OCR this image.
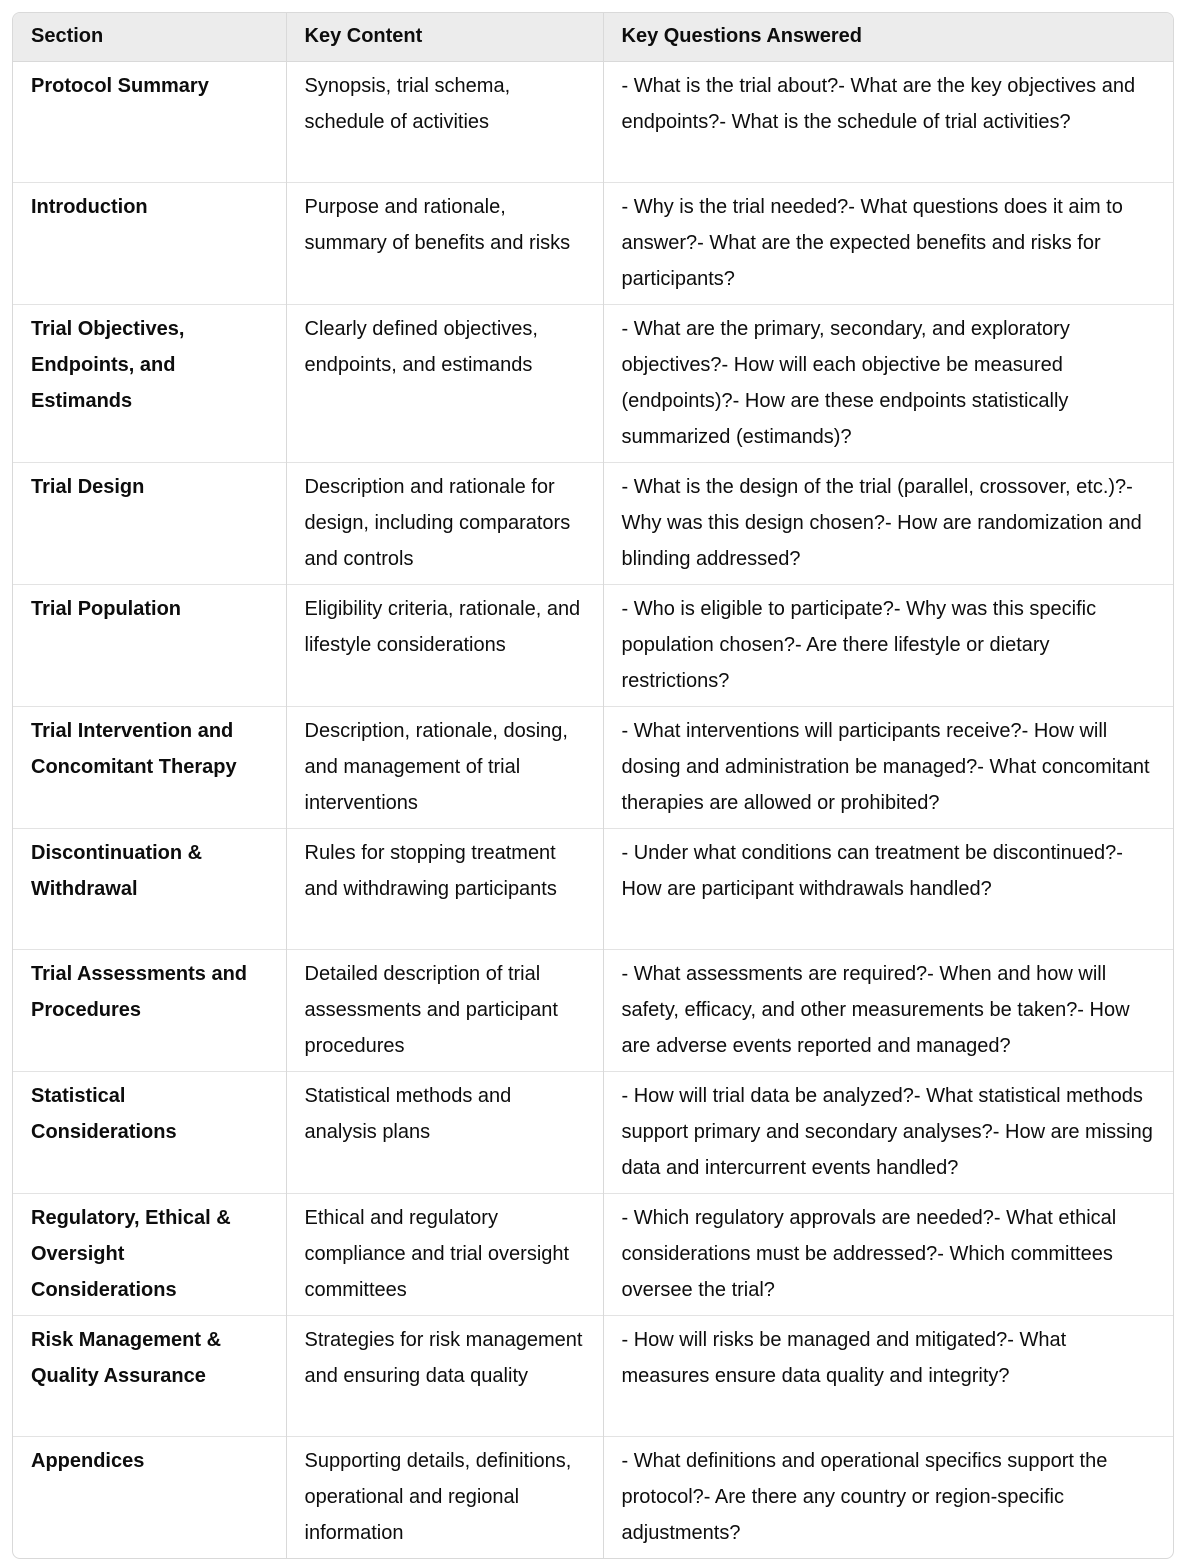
Section	Key Content	Key Questions Answered
Protocol Summary	Synopsis, trial schema, schedule of activities	- What is the trial about?- What are the key objectives and endpoints?- What is the schedule of trial activities?
Introduction	Purpose and rationale, summary of benefits and risks	- Why is the trial needed?- What questions does it aim to answer?- What are the expected benefits and risks for participants?
Trial Objectives, Endpoints, and Estimands	Clearly defined objectives, endpoints, and estimands	- What are the primary, secondary, and exploratory objectives?- How will each objective be measured (endpoints)?- How are these endpoints statistically summarized (estimands)?
Trial Design	Description and rationale for design, including comparators and controls	- What is the design of the trial (parallel, crossover, etc.)?- Why was this design chosen?- How are randomization and blinding addressed?
Trial Population	Eligibility criteria, rationale, and lifestyle considerations	- Who is eligible to participate?- Why was this specific population chosen?- Are there lifestyle or dietary restrictions?
Trial Intervention and Concomitant Therapy	Description, rationale, dosing, and management of trial interventions	- What interventions will participants receive?- How will dosing and administration be managed?- What concomitant therapies are allowed or prohibited?
Discontinuation & Withdrawal	Rules for stopping treatment and withdrawing participants	- Under what conditions can treatment be discontinued?- How are participant withdrawals handled?
Trial Assessments and Procedures	Detailed description of trial assessments and participant procedures	- What assessments are required?- When and how will safety, efficacy, and other measurements be taken?- How are adverse events reported and managed?
Statistical Considerations	Statistical methods and analysis plans	- How will trial data be analyzed?- What statistical methods support primary and secondary analyses?- How are missing data and intercurrent events handled?
Regulatory, Ethical & Oversight Considerations	Ethical and regulatory compliance and trial oversight committees	- Which regulatory approvals are needed?- What ethical considerations must be addressed?- Which committees oversee the trial?
Risk Management & Quality Assurance	Strategies for risk management and ensuring data quality	- How will risks be managed and mitigated?- What measures ensure data quality and integrity?
Appendices	Supporting details, definitions, operational and regional information	- What definitions and operational specifics support the protocol?- Are there any country or region-specific adjustments?
